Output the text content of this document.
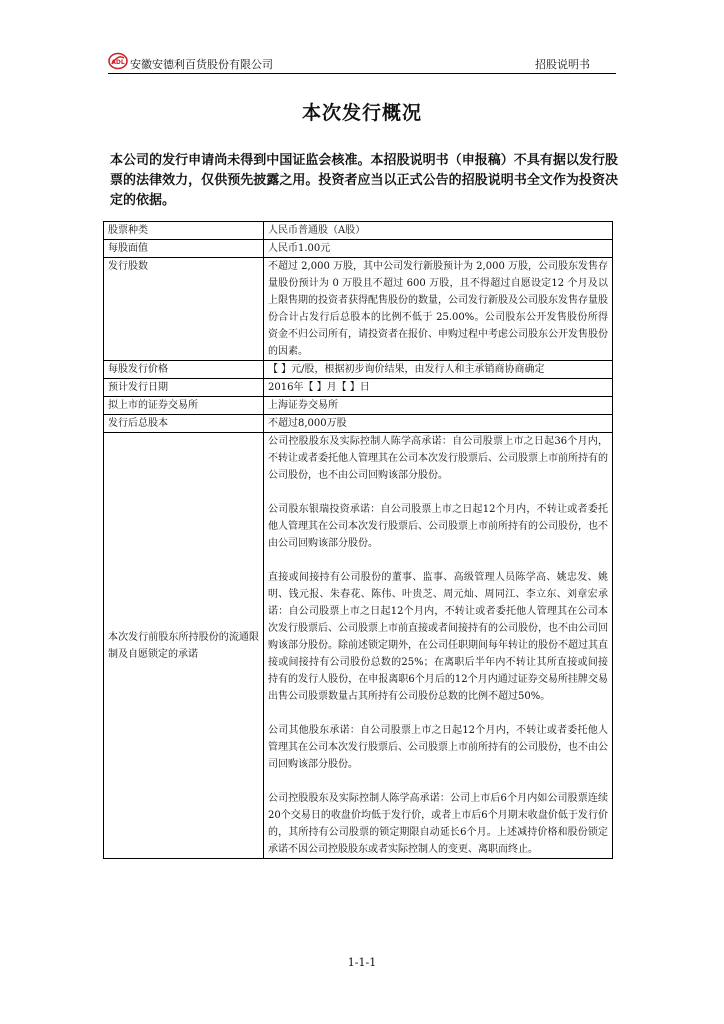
ADL 安徽安德利百货股份有限公司	招股说明书
本次发行概况
本公司的发行申请尚未得到中国证监会核准。本招股说明书（申报稿）不具有据以发行股票的法律效力，仅供预先披露之用。投资者应当以正式公告的招股说明书全文作为投资决定的依据。
股票种类	人民币普通股（A股）
每股面值	人民币1.00元
发行股数	不超过 2,000 万股，其中公司发行新股预计为 2,000 万股，公司股东发售存量股份预计为 0 万股且不超过 600 万股，且不得超过自愿设定12 个月及以上限售期的投资者获得配售股份的数量，公司发行新股及公司股东发售存量股份合计占发行后总股本的比例不低于 25.00%。公司股东公开发售股份所得资金不归公司所有，请投资者在报价、申购过程中考虑公司股东公开发售股份的因素。
每股发行价格	【 】元/股，根据初步询价结果，由发行人和主承销商协商确定
预计发行日期	2016年【 】月【 】日
拟上市的证券交易所	上海证券交易所
发行后总股本	不超过8,000万股
本次发行前股东所持股份的流通限制及自愿锁定的承诺	公司控股股东及实际控制人陈学高承诺：自公司股票上市之日起36个月内，不转让或者委托他人管理其在公司本次发行股票后、公司股票上市前所持有的公司股份，也不由公司回购该部分股份。

公司股东银瑞投资承诺：自公司股票上市之日起12个月内，不转让或者委托他人管理其在公司本次发行股票后、公司股票上市前所持有的公司股份，也不由公司回购该部分股份。

直接或间接持有公司股份的董事、监事、高级管理人员陈学高、姚忠发、姚明、钱元报、朱春花、陈伟、叶贵芝、周元灿、周同江、李立东、刘章宏承诺：自公司股票上市之日起12个月内，不转让或者委托他人管理其在公司本次发行股票后、公司股票上市前直接或者间接持有的公司股份，也不由公司回购该部分股份。除前述锁定期外，在公司任职期间每年转让的股份不超过其直接或间接持有公司股份总数的25%；在离职后半年内不转让其所直接或间接持有的发行人股份，在申报离职6个月后的12个月内通过证券交易所挂牌交易出售公司股票数量占其所持有公司股份总数的比例不超过50%。

公司其他股东承诺：自公司股票上市之日起12个月内，不转让或者委托他人管理其在公司本次发行股票后、公司股票上市前所持有的公司股份，也不由公司回购该部分股份。

公司控股股东及实际控制人陈学高承诺：公司上市后6个月内如公司股票连续20个交易日的收盘价均低于发行价，或者上市后6个月期末收盘价低于发行价的，其所持有公司股票的锁定期限自动延长6个月。上述减持价格和股份锁定承诺不因公司控股股东或者实际控制人的变更、离职而终止。

1-1-1
